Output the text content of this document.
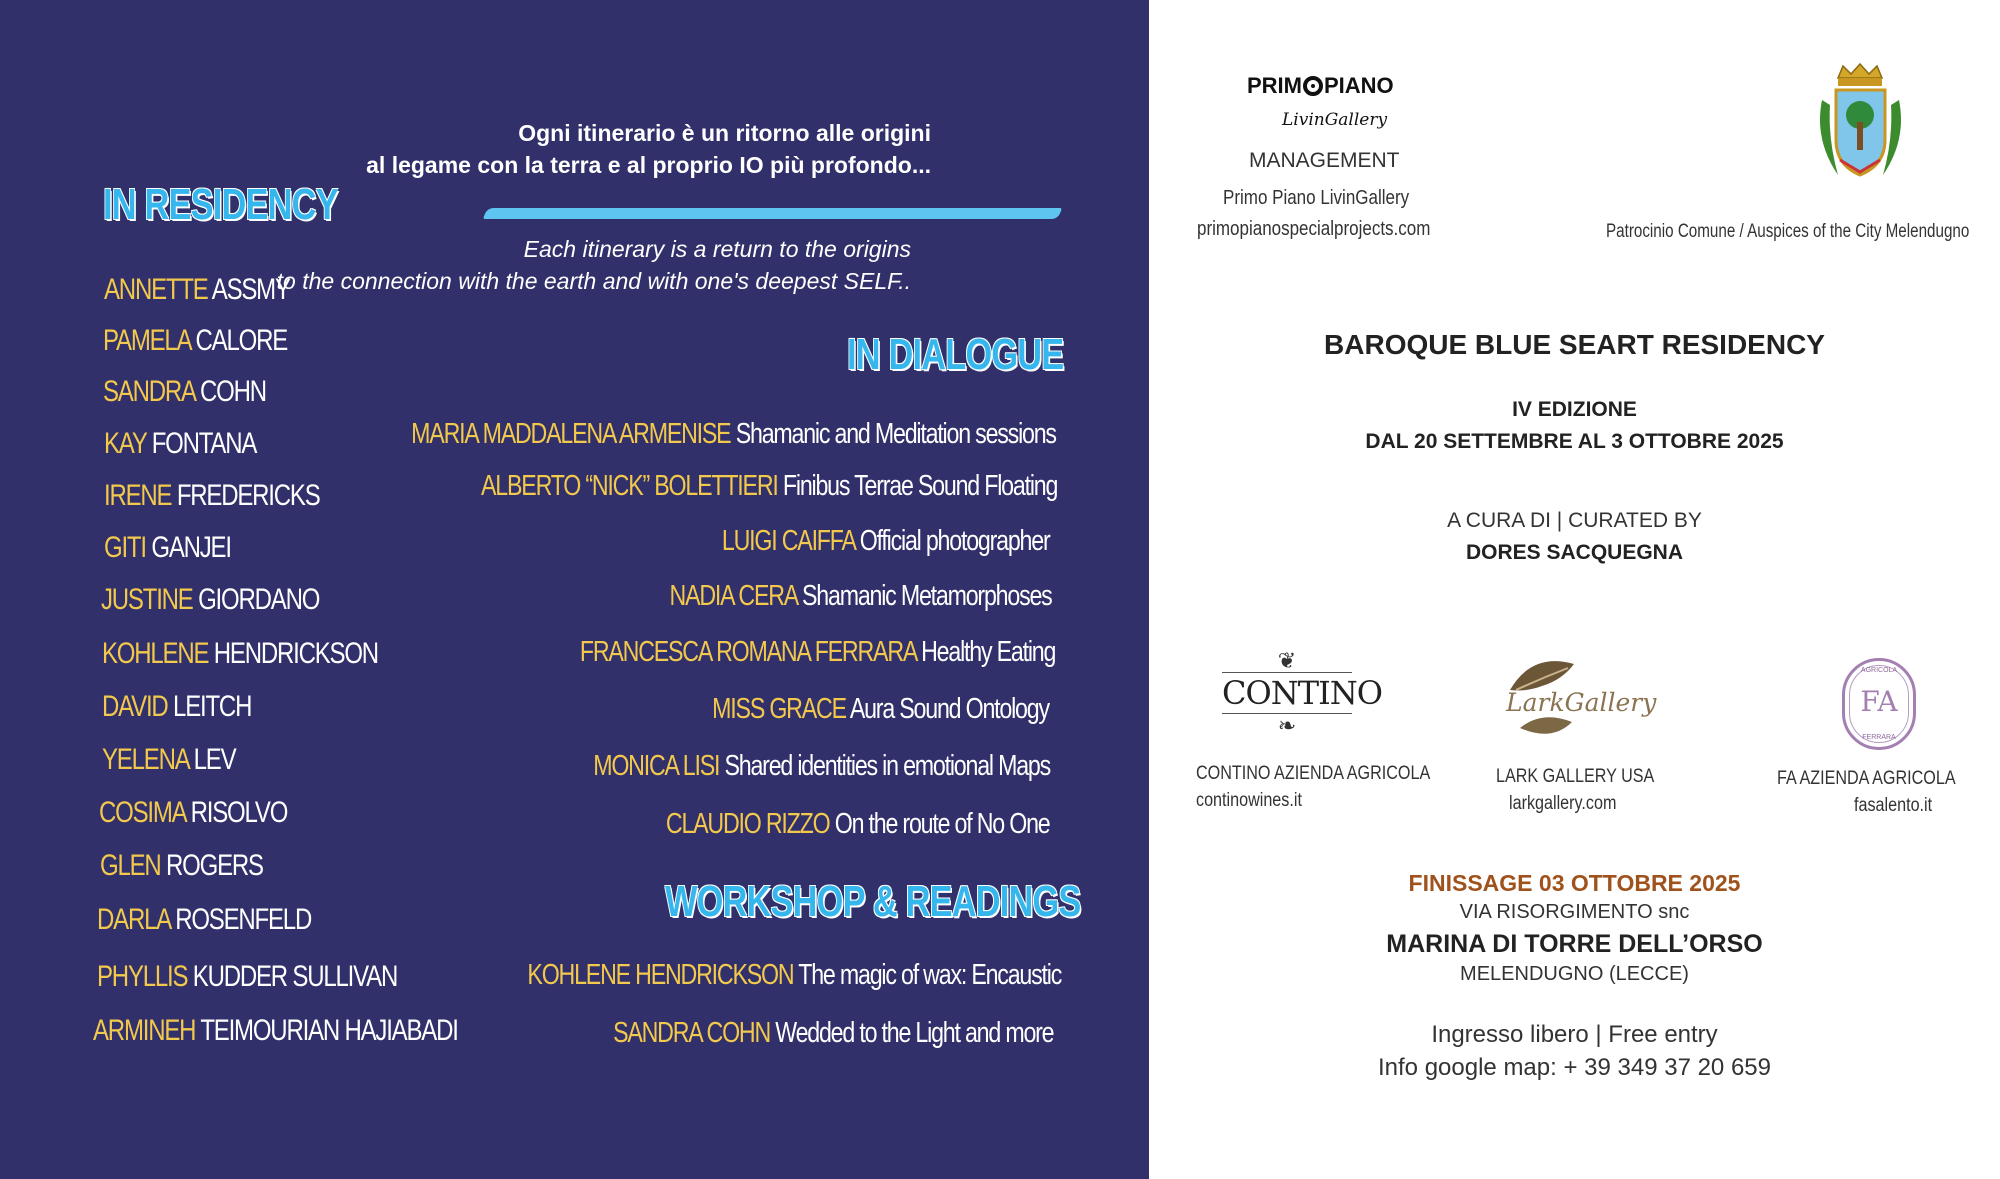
Ogni itinerario è un ritorno alle origini
al legame con la terra e al proprio IO più profondo...
Each itinerary is a return to the origins
to the connection with the earth and with one's deepest SELF..
IN RESIDENCY
ANNETTE ASSMY
PAMELA CALORE
SANDRA COHN
KAY FONTANA
IRENE FREDERICKS
GITI GANJEI
JUSTINE GIORDANO
KOHLENE HENDRICKSON
DAVID LEITCH
YELENA LEV
COSIMA RISOLVO
GLEN ROGERS
DARLA ROSENFELD
PHYLLIS KUDDER SULLIVAN
ARMINEH TEIMOURIAN HAJIABADI
IN DIALOGUE
MARIA MADDALENA ARMENISE Shamanic and Meditation sessions
ALBERTO “NICK” BOLETTIERI Finibus Terrae Sound Floating
LUIGI CAIFFA Official photographer
NADIA CERA Shamanic Metamorphoses
FRANCESCA ROMANA FERRARA Healthy Eating
MISS GRACE Aura Sound Ontology
MONICA LISI Shared identities in emotional Maps
CLAUDIO RIZZO On the route of No One
WORKSHOP & READINGS
KOHLENE HENDRICKSON The magic of wax: Encaustic
SANDRA COHN Wedded to the Light and more
PRIM PIANO
LivinGallery
MANAGEMENT
Primo Piano LivinGallery
primopianospecialprojects.com	Patrocinio Comune / Auspices of the City Melendugno
BAROQUE BLUE SEART RESIDENCY
IV EDIZIONE
DAL 20 SETTEMBRE AL 3 OTTOBRE 2025
A CURA DI | CURATED BY
DORES SACQUEGNA
❦
CONTINO
❧
CONTINO AZIENDA AGRICOLA
continowines.it
LarkGallery
LARK GALLERY USA
larkgallery.com
AGRICOLA
FA
FERRARA
FA AZIENDA AGRICOLA
fasalento.it
FINISSAGE 03 OTTOBRE 2025
VIA RISORGIMENTO snc
MARINA DI TORRE DELL’ORSO
MELENDUGNO (LECCE)
Ingresso libero | Free entry
Info google map: + 39 349 37 20 659
